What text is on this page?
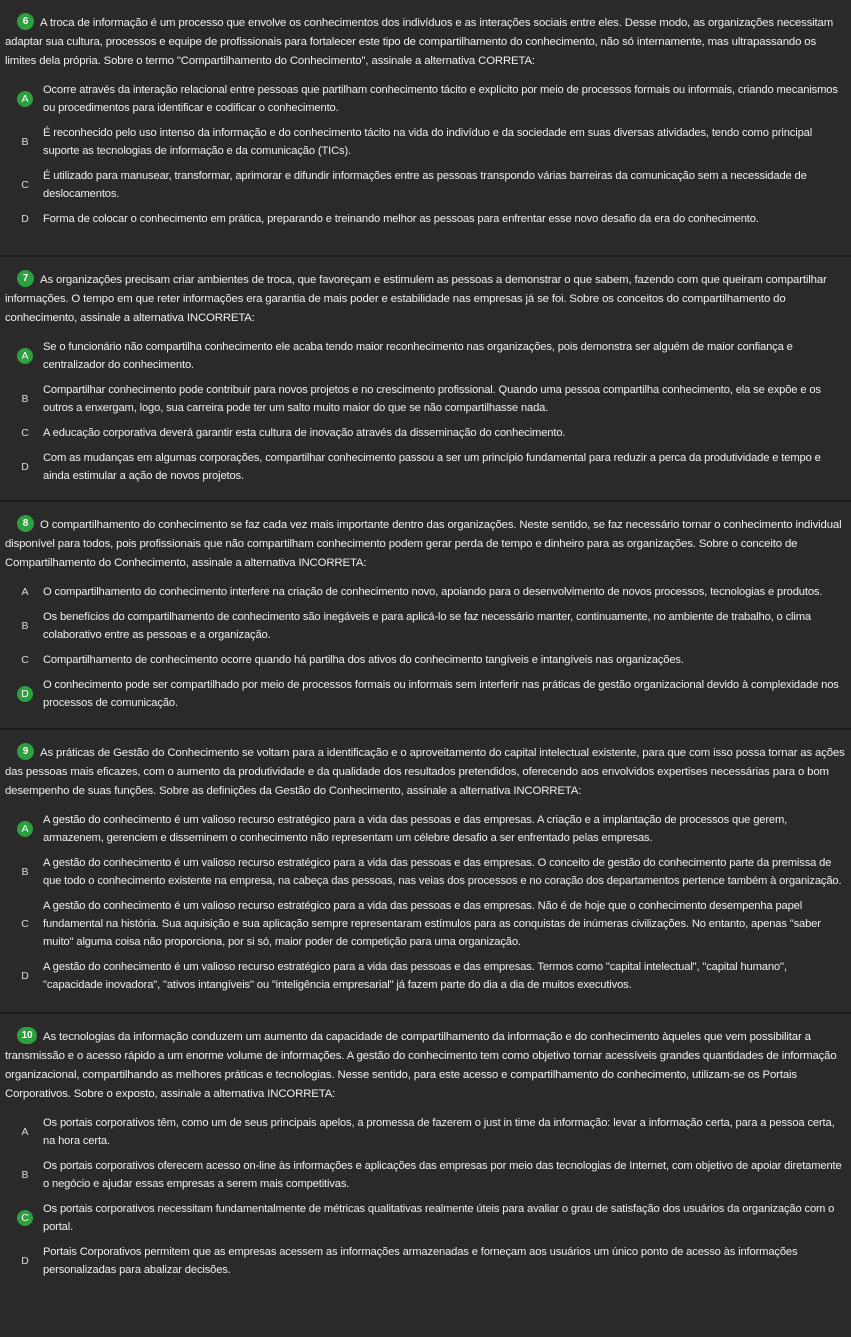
6 A troca de informação é um processo que envolve os conhecimentos dos indivíduos e as interações sociais entre eles. Desse modo, as organizações necessitam adaptar sua cultura, processos e equipe de profissionais para fortalecer este tipo de compartilhamento do conhecimento, não só internamente, mas ultrapassando os limites dela própria. Sobre o termo "Compartilhamento do Conhecimento", assinale a alternativa CORRETA:

A
Ocorre através da interação relacional entre pessoas que partilham conhecimento tácito e explícito por meio de processos formais ou informais, criando mecanismos ou procedimentos para identificar e codificar o conhecimento.
B
É reconhecido pelo uso intenso da informação e do conhecimento tácito na vida do indivíduo e da sociedade em suas diversas atividades, tendo como principal suporte as tecnologias de informação e da comunicação (TICs).
C
É utilizado para manusear, transformar, aprimorar e difundir informações entre as pessoas transpondo várias barreiras da comunicação sem a necessidade de deslocamentos.
D	Forma de colocar o conhecimento em prática, preparando e treinando melhor as pessoas para enfrentar esse novo desafio da era do conhecimento.

7 As organizações precisam criar ambientes de troca, que favoreçam e estimulem as pessoas a demonstrar o que sabem, fazendo com que queiram compartilhar informações. O tempo em que reter informações era garantia de mais poder e estabilidade nas empresas já se foi. Sobre os conceitos do compartilhamento do conhecimento, assinale a alternativa INCORRETA:

A
Se o funcionário não compartilha conhecimento ele acaba tendo maior reconhecimento nas organizações, pois demonstra ser alguém de maior confiança e centralizador do conhecimento.
B
Compartilhar conhecimento pode contribuir para novos projetos e no crescimento profissional. Quando uma pessoa compartilha conhecimento, ela se expõe e os outros a enxergam, logo, sua carreira pode ter um salto muito maior do que se não compartilhasse nada.
C	A educação corporativa deverá garantir esta cultura de inovação através da disseminação do conhecimento.
D
Com as mudanças em algumas corporações, compartilhar conhecimento passou a ser um princípio fundamental para reduzir a perca da produtividade e tempo e ainda estimular a ação de novos projetos.

8 O compartilhamento do conhecimento se faz cada vez mais importante dentro das organizações. Neste sentido, se faz necessário tornar o conhecimento individual disponível para todos, pois profissionais que não compartilham conhecimento podem gerar perda de tempo e dinheiro para as organizações. Sobre o conceito de Compartilhamento do Conhecimento, assinale a alternativa INCORRETA:

A	O compartilhamento do conhecimento interfere na criação de conhecimento novo, apoiando para o desenvolvimento de novos processos, tecnologias e produtos.
B
Os benefícios do compartilhamento de conhecimento são inegáveis e para aplicá-lo se faz necessário manter, continuamente, no ambiente de trabalho, o clima colaborativo entre as pessoas e a organização.
C	Compartilhamento de conhecimento ocorre quando há partilha dos ativos do conhecimento tangíveis e intangíveis nas organizações.
D
O conhecimento pode ser compartilhado por meio de processos formais ou informais sem interferir nas práticas de gestão organizacional devido à complexidade nos processos de comunicação.

9 As práticas de Gestão do Conhecimento se voltam para a identificação e o aproveitamento do capital intelectual existente, para que com isso possa tornar as ações das pessoas mais eficazes, com o aumento da produtividade e da qualidade dos resultados pretendidos, oferecendo aos envolvidos expertises necessárias para o bom desempenho de suas funções. Sobre as definições da Gestão do Conhecimento, assinale a alternativa INCORRETA:

A
A gestão do conhecimento é um valioso recurso estratégico para a vida das pessoas e das empresas. A criação e a implantação de processos que gerem, armazenem, gerenciem e disseminem o conhecimento não representam um célebre desafio a ser enfrentado pelas empresas.
B
A gestão do conhecimento é um valioso recurso estratégico para a vida das pessoas e das empresas. O conceito de gestão do conhecimento parte da premissa de que todo o conhecimento existente na empresa, na cabeça das pessoas, nas veias dos processos e no coração dos departamentos pertence também à organização.
C
A gestão do conhecimento é um valioso recurso estratégico para a vida das pessoas e das empresas. Não é de hoje que o conhecimento desempenha papel fundamental na história. Sua aquisição e sua aplicação sempre representaram estímulos para as conquistas de inúmeras civilizações. No entanto, apenas "saber muito" alguma coisa não proporciona, por si só, maior poder de competição para uma organização.
D
A gestão do conhecimento é um valioso recurso estratégico para a vida das pessoas e das empresas. Termos como "capital intelectual", "capital humano", "capacidade inovadora", "ativos intangíveis" ou "inteligência empresarial" já fazem parte do dia a dia de muitos executivos.

10 As tecnologias da informação conduzem um aumento da capacidade de compartilhamento da informação e do conhecimento àqueles que vem possibilitar a transmissão e o acesso rápido a um enorme volume de informações. A gestão do conhecimento tem como objetivo tornar acessíveis grandes quantidades de informação organizacional, compartilhando as melhores práticas e tecnologias. Nesse sentido, para este acesso e compartilhamento do conhecimento, utilizam-se os Portais Corporativos. Sobre o exposto, assinale a alternativa INCORRETA:

A
Os portais corporativos têm, como um de seus principais apelos, a promessa de fazerem o just in time da informação: levar a informação certa, para a pessoa certa, na hora certa.
B
Os portais corporativos oferecem acesso on-line às informações e aplicações das empresas por meio das tecnologias de Internet, com objetivo de apoiar diretamente o negócio e ajudar essas empresas a serem mais competitivas.
C
Os portais corporativos necessitam fundamentalmente de métricas qualitativas realmente úteis para avaliar o grau de satisfação dos usuários da organização com o portal.
D
Portais Corporativos permitem que as empresas acessem as informações armazenadas e forneçam aos usuários um único ponto de acesso às informações personalizadas para abalizar decisões.
